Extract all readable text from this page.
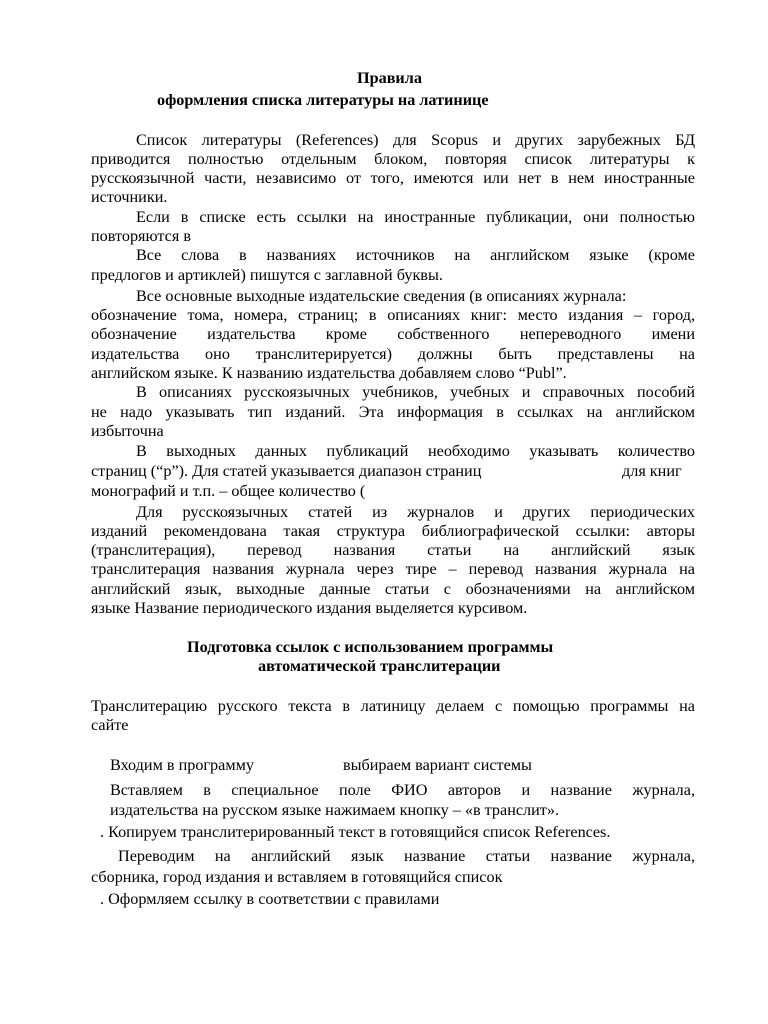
Правила
оформления списка литературы на латинице
Список литературы (References) для Scopus и других зарубежных БД
приводится полностью отдельным блоком, повторяя список литературы к
русскоязычной части, независимо от того, имеются или нет в нем иностранные
источники.
Если в списке есть ссылки на иностранные публикации, они полностью
повторяются в
Все слова в названиях источников на английском языке (кроме
предлогов и артиклей) пишутся с заглавной буквы.
Все основные выходные издательские сведения (в описаниях журнала:
обозначение тома, номера, страниц; в описаниях книг: место издания – город,
обозначение издательства кроме собственного непереводного имени
издательства оно транслитерируется) должны быть представлены на
английском языке. К названию издательства добавляем слово “Publ”.
В описаниях русскоязычных учебников, учебных и справочных пособий
не надо указывать тип изданий. Эта информация в ссылках на английском
избыточна
В выходных данных публикаций необходимо указывать количество
страниц (“р”). Для статей указывается диапазон страниц	для книг
монографий и т.п. – общее количество (
Для русскоязычных статей из журналов и других периодических
изданий рекомендована такая структура библиографической ссылки: авторы
(транслитерация), перевод названия статьи на английский язык
транслитерация названия журнала через тире – перевод названия журнала на
английский язык, выходные данные статьи с обозначениями на английском
языке Название периодического издания выделяется курсивом.
Подготовка ссылок с использованием программы
автоматической транслитерации
Транслитерацию русского текста в латиницу делаем с помощью программы на
сайте
Входим в программу	выбираем вариант системы
Вставляем в специальное поле ФИО авторов и название журнала,
издательства на русском языке нажимаем кнопку – «в транслит».
. Копируем транслитерированный текст в готовящийся список References.
Переводим на английский язык название статьи название журнала,
сборника, город издания и вставляем в готовящийся список
. Оформляем ссылку в соответствии с правилами
